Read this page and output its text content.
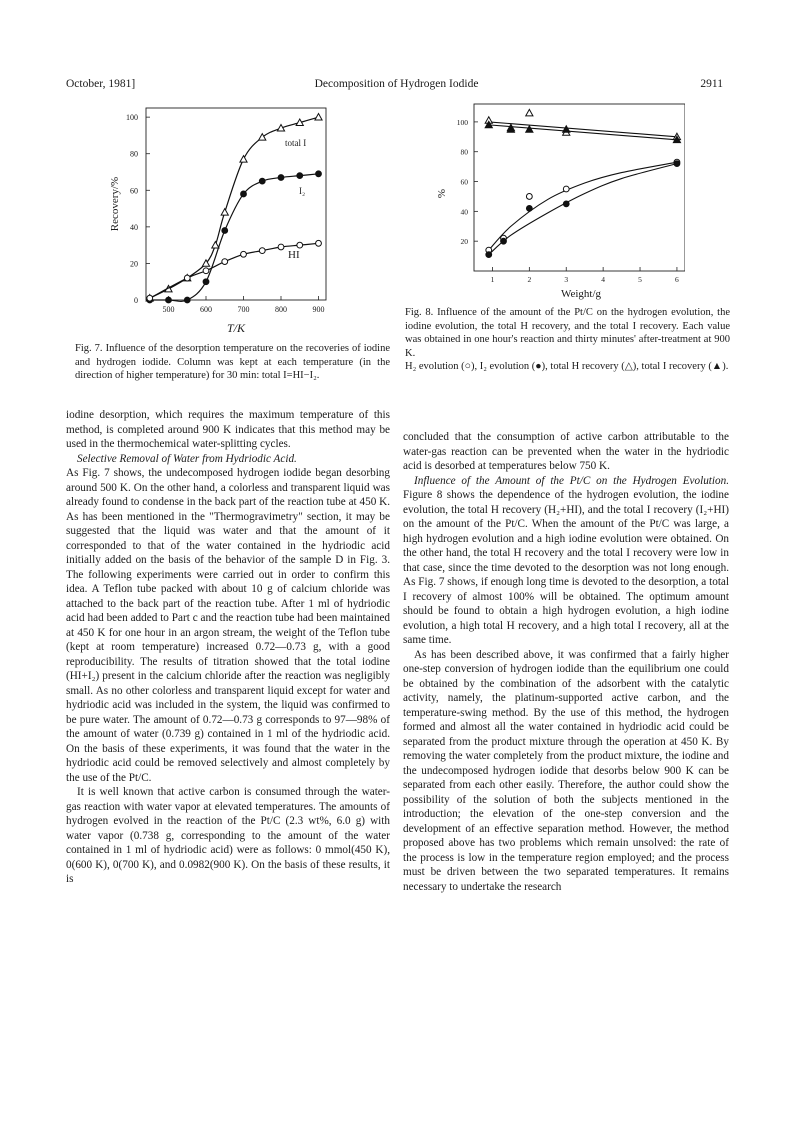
October, 1981]	Decomposition of Hydrogen Iodide	2911
0
20
40
60
80
100
500	600	700	800	900
T/K
Recovery/%
total I
I₂
HI
20
40
60
80
100
1	2	3	4	5	6
Weight/g
%
Fig. 7. Influence of the desorption temperature on the recoveries of iodine and hydrogen iodide. Column was kept at each temperature (in the direction of higher temperature) for 30 min: total I=HI−I₂.
Fig. 8. Influence of the amount of the Pt/C on the hydrogen evolution, the iodine evolution, the total H recovery, and the total I recovery. Each value was obtained in one hour's reaction and thirty minutes' after-treatment at 900 K.
H₂ evolution (○), I₂ evolution (●), total H recovery (△), total I recovery (▲).

iodine desorption, which requires the maximum temperature of this method, is completed around 900 K indicates that this method may be used in the thermochemical water-splitting cycles.

Selective Removal of Water from Hydriodic Acid.

As Fig. 7 shows, the undecomposed hydrogen iodide began desorbing around 500 K. On the other hand, a colorless and transparent liquid was already found to condense in the back part of the reaction tube at 450 K. As has been mentioned in the "Thermogravimetry" section, it may be suggested that the liquid was water and that the amount of it corresponded to that of the water contained in the hydriodic acid initially added on the basis of the behavior of the sample D in Fig. 3. The following experiments were carried out in order to confirm this idea. A Teflon tube packed with about 10 g of calcium chloride was attached to the back part of the reaction tube. After 1 ml of hydriodic acid had been added to Part c and the reaction tube had been maintained at 450 K for one hour in an argon stream, the weight of the Teflon tube (kept at room temperature) increased 0.72—0.73 g, with a good reproducibility. The results of titration showed that the total iodine (HI+I₂) present in the calcium chloride after the reaction was negligibly small. As no other colorless and transparent liquid except for water and hydriodic acid was included in the system, the liquid was confirmed to be pure water. The amount of 0.72—0.73 g corresponds to 97—98% of the amount of water (0.739 g) contained in 1 ml of the hydriodic acid. On the basis of these experiments, it was found that the water in the hydriodic acid could be removed selectively and almost completely by the use of the Pt/C.

It is well known that active carbon is consumed through the water-gas reaction with water vapor at elevated temperatures. The amounts of hydrogen evolved in the reaction of the Pt/C (2.3 wt%, 6.0 g) with water vapor (0.738 g, corresponding to the amount of the water contained in 1 ml of hydriodic acid) were as follows: 0 mmol(450 K), 0(600 K), 0(700 K), and 0.0982(900 K). On the basis of these results, it is

concluded that the consumption of active carbon attributable to the water-gas reaction can be prevented when the water in the hydriodic acid is desorbed at temperatures below 750 K.

Influence of the Amount of the Pt/C on the Hydrogen Evolution. Figure 8 shows the dependence of the hydrogen evolution, the iodine evolution, the total H recovery (H₂+HI), and the total I recovery (I₂+HI) on the amount of the Pt/C. When the amount of the Pt/C was large, a high hydrogen evolution and a high iodine evolution were obtained. On the other hand, the total H recovery and the total I recovery were low in that case, since the time devoted to the desorption was not long enough. As Fig. 7 shows, if enough long time is devoted to the desorption, a total I recovery of almost 100% will be obtained. The optimum amount should be found to obtain a high hydrogen evolution, a high iodine evolution, a high total H recovery, and a high total I recovery, all at the same time.

As has been described above, it was confirmed that a fairly higher one-step conversion of hydrogen iodide than the equilibrium one could be obtained by the combination of the adsorbent with the catalytic activity, namely, the platinum-supported active carbon, and the temperature-swing method. By the use of this method, the hydrogen formed and almost all the water contained in hydriodic acid could be separated from the product mixture through the operation at 450 K. By removing the water completely from the product mixture, the iodine and the undecomposed hydrogen iodide that desorbs below 900 K can be separated from each other easily. Therefore, the author could show the possibility of the solution of both the subjects mentioned in the introduction; the elevation of the one-step conversion and the development of an effective separation method. However, the method proposed above has two problems which remain unsolved: the rate of the process is low in the temperature region employed; and the process must be driven between the two separated temperatures. It remains necessary to undertake the research
